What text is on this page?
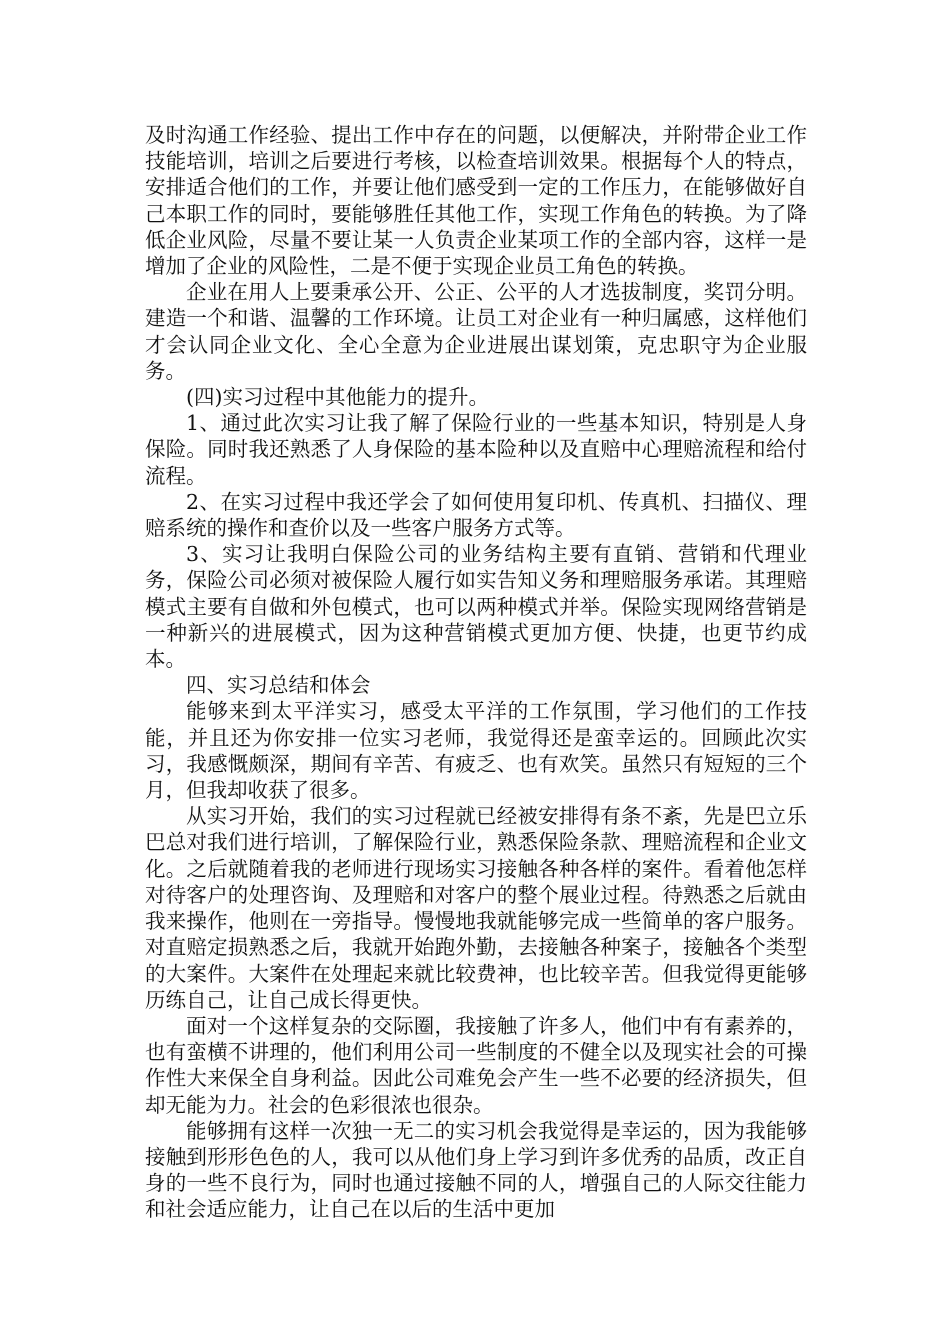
及时沟通工作经验、提出工作中存在的问题，以便解决，并附带企业工作技能培训，培训之后要进行考核，以检查培训效果。根据每个人的特点，安排适合他们的工作，并要让他们感受到一定的工作压力，在能够做好自己本职工作的同时，要能够胜任其他工作，实现工作角色的转换。为了降低企业风险，尽量不要让某一人负责企业某项工作的全部内容，这样一是增加了企业的风险性，二是不便于实现企业员工角色的转换。

企业在用人上要秉承公开、公正、公平的人才选拔制度，奖罚分明。建造一个和谐、温馨的工作环境。让员工对企业有一种归属感，这样他们才会认同企业文化、全心全意为企业进展出谋划策，克忠职守为企业服务。

(四)实习过程中其他能力的提升。

1、通过此次实习让我了解了保险行业的一些基本知识，特别是人身保险。同时我还熟悉了人身保险的基本险种以及直赔中心理赔流程和给付流程。

2、在实习过程中我还学会了如何使用复印机、传真机、扫描仪、理赔系统的操作和查价以及一些客户服务方式等。

3、实习让我明白保险公司的业务结构主要有直销、营销和代理业务，保险公司必须对被保险人履行如实告知义务和理赔服务承诺。其理赔模式主要有自做和外包模式，也可以两种模式并举。保险实现网络营销是一种新兴的进展模式，因为这种营销模式更加方便、快捷，也更节约成本。

四、实习总结和体会

能够来到太平洋实习，感受太平洋的工作氛围，学习他们的工作技能，并且还为你安排一位实习老师，我觉得还是蛮幸运的。回顾此次实习，我感慨颇深，期间有辛苦、有疲乏、也有欢笑。虽然只有短短的三个月，但我却收获了很多。

从实习开始，我们的实习过程就已经被安排得有条不紊，先是巴立乐巴总对我们进行培训，了解保险行业，熟悉保险条款、理赔流程和企业文化。之后就随着我的老师进行现场实习接触各种各样的案件。看着他怎样对待客户的处理咨询、及理赔和对客户的整个展业过程。待熟悉之后就由我来操作，他则在一旁指导。慢慢地我就能够完成一些简单的客户服务。对直赔定损熟悉之后，我就开始跑外勤，去接触各种案子，接触各个类型的大案件。大案件在处理起来就比较费神，也比较辛苦。但我觉得更能够历练自己，让自己成长得更快。

面对一个这样复杂的交际圈，我接触了许多人，他们中有有素养的，也有蛮横不讲理的，他们利用公司一些制度的不健全以及现实社会的可操作性大来保全自身利益。因此公司难免会产生一些不必要的经济损失，但却无能为力。社会的色彩很浓也很杂。

能够拥有这样一次独一无二的实习机会我觉得是幸运的，因为我能够接触到形形色色的人，我可以从他们身上学习到许多优秀的品质，改正自身的一些不良行为，同时也通过接触不同的人，增强自己的人际交往能力和社会适应能力，让自己在以后的生活中更加
